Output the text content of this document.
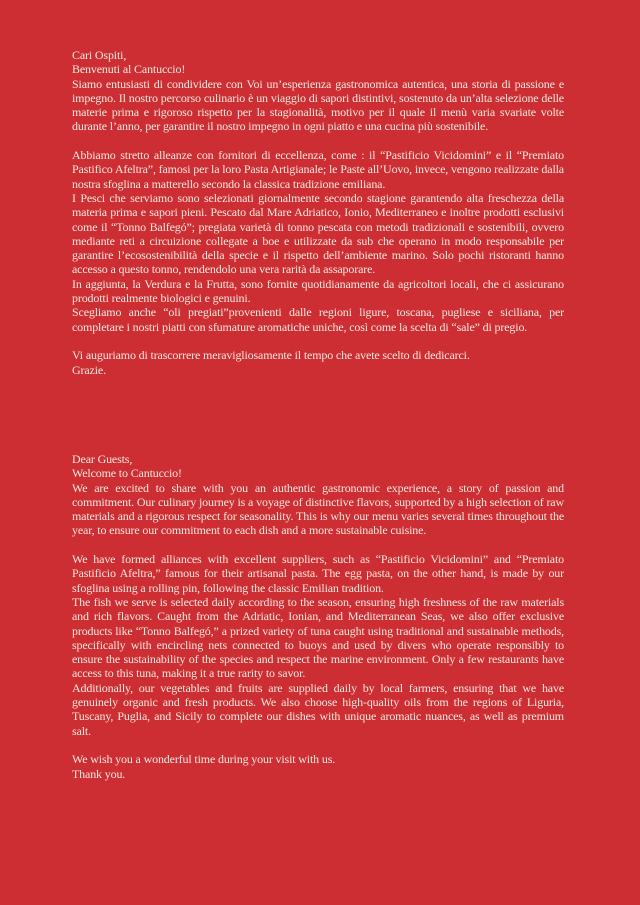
Cari Ospiti,
Benvenuti al Cantuccio!
Siamo entusiasti di condividere con Voi un’esperienza gastronomica autentica, una storia di passione e impegno. Il nostro percorso culinario è un viaggio di sapori distintivi, sostenuto da un’alta selezione delle materie prima e rigoroso rispetto per la stagionalità, motivo per il quale il menù varia svariate volte durante l’anno, per garantire il nostro impegno in ogni piatto e una cucina più sostenibile.
Abbiamo stretto alleanze con fornitori di eccellenza, come : il “Pastificio Vicidomini” e il “Premiato Pastifico Afeltra”, famosi per la loro Pasta Artigianale; le Paste all’Uovo, invece, vengono realizzate dalla nostra sfoglina a matterello secondo la classica tradizione emiliana.
I Pesci che serviamo sono selezionati giornalmente secondo stagione garantendo alta freschezza della materia prima e sapori pieni. Pescato dal Mare Adriatico, Ionio, Mediterraneo e inoltre prodotti esclusivi come il “Tonno Balfegó”; pregiata varietà di tonno pescata con metodi tradizionali e sostenibili, ovvero mediante reti a circuizione collegate a boe e utilizzate da sub che operano in modo responsabile per garantire l’ecosostenibilità della specie e il rispetto dell’ambiente marino. Solo pochi ristoranti hanno accesso a questo tonno, rendendolo una vera rarità da assaporare.
In aggiunta, la Verdura e la Frutta, sono fornite quotidianamente da agricoltori locali, che ci assicurano prodotti realmente biologici e genuini.
Scegliamo anche “oli pregiati”provenienti dalle regioni ligure, toscana, pugliese e siciliana, per completare i nostri piatti con sfumature aromatiche uniche, così come la scelta di “sale” di pregio.
Vi auguriamo di trascorrere meravigliosamente il tempo che avete scelto di dedicarci.
Grazie.
Dear Guests,
Welcome to Cantuccio!
We are excited to share with you an authentic gastronomic experience, a story of passion and commitment. Our culinary journey is a voyage of distinctive flavors, supported by a high selection of raw materials and a rigorous respect for seasonality. This is why our menu varies several times throughout the year, to ensure our commitment to each dish and a more sustainable cuisine.
We have formed alliances with excellent suppliers, such as “Pastificio Vicidomini” and “Premiato Pastificio Afeltra,” famous for their artisanal pasta. The egg pasta, on the other hand, is made by our sfoglina using a rolling pin, following the classic Emilian tradition.
The fish we serve is selected daily according to the season, ensuring high freshness of the raw materials and rich flavors. Caught from the Adriatic, Ionian, and Mediterranean Seas, we also offer exclusive products like “Tonno Balfegó,” a prized variety of tuna caught using traditional and sustainable methods, specifically with encircling nets connected to buoys and used by divers who operate responsibly to ensure the sustainability of the species and respect the marine environment. Only a few restaurants have access to this tuna, making it a true rarity to savor.
Additionally, our vegetables and fruits are supplied daily by local farmers, ensuring that we have genuinely organic and fresh products. We also choose high-quality oils from the regions of Liguria, Tuscany, Puglia, and Sicily to complete our dishes with unique aromatic nuances, as well as premium salt.
We wish you a wonderful time during your visit with us.
Thank you.
